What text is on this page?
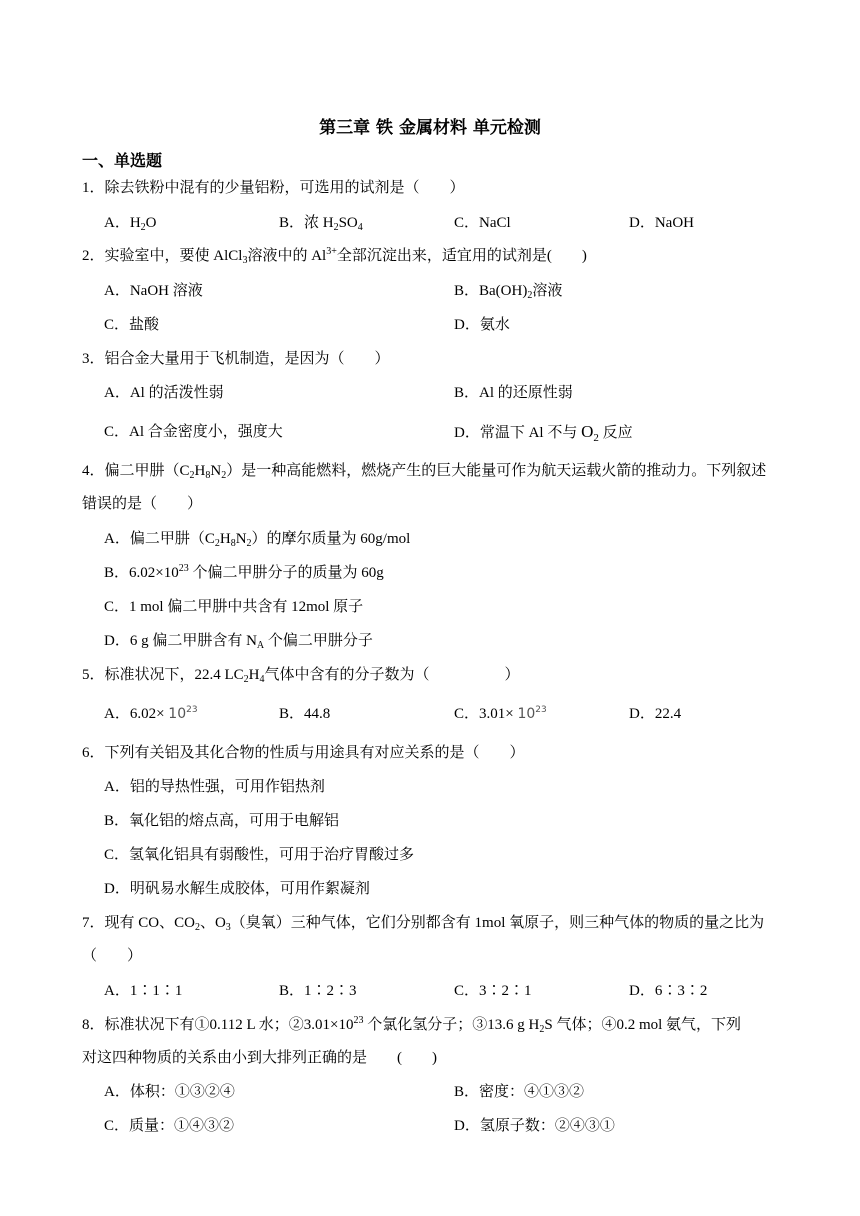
第三章 铁 金属材料 单元检测
一、单选题
1．除去铁粉中混有的少量铝粉，可选用的试剂是（　　）
A．$H_2O$	B．浓 $H_2SO_4$	C．NaCl	D．NaOH
2．实验室中，要使 AlCl$_3$溶液中的 $Al^{3+}$全部沉淀出来，适宜用的试剂是(　　)
A．NaOH 溶液	B．$Ba(OH)_2$溶液
C．盐酸	D．氨水
3．铝合金大量用于飞机制造，是因为（　　）
A．Al 的活泼性弱	B．Al 的还原性弱
C．Al 合金密度小，强度大	D．常温下 Al 不与 $O_2$ 反应
4．偏二甲肼$(C_2H_8N_2)$是一种高能燃料，燃烧产生的巨大能量可作为航天运载火箭的推动力。下列叙述
错误的是（　　）
A．偏二甲肼$(C_2H_8N_2)$的摩尔质量为 60g/mol
B．$6.02\times 10^{23}$ 个偏二甲肼分子的质量为 60g
C．1 mol 偏二甲肼中共含有 12mol 原子
D．6 g 偏二甲肼含有 $N_A$ 个偏二甲肼分子
5．标准状况下，22.4 $LC_2H_4$气体中含有的分子数为（　　　　　）
A．$6.02\times 10^{23}$	B．44.8	C．$3.01\times 10^{23}$	D．22.4
6．下列有关铝及其化合物的性质与用途具有对应关系的是（　　）
A．铝的导热性强，可用作铝热剂
B．氧化铝的熔点高，可用于电解铝
C．氢氧化铝具有弱酸性，可用于治疗胃酸过多
D．明矾易水解生成胶体，可用作絮凝剂
7．现有 CO、$CO_2$、$O_3$（臭氧）三种气体，它们分别都含有 1mol 氧原子，则三种气体的物质的量之比为
（　　）
A．1∶1∶1	B．1∶2∶3	C．3∶2∶1	D．6∶3∶2
8．标准状况下有①0.112 L 水；$②3.01\times 10^{23}$ 个氯化氢分子；③13.6 g $H_2S$ 气体；④0.2 mol 氨气，下列
对这四种物质的关系由小到大排列正确的是　　(　　)
A．体积：①③②④	B．密度：④①③②
C．质量：①④③②	D．氢原子数：②④③①
